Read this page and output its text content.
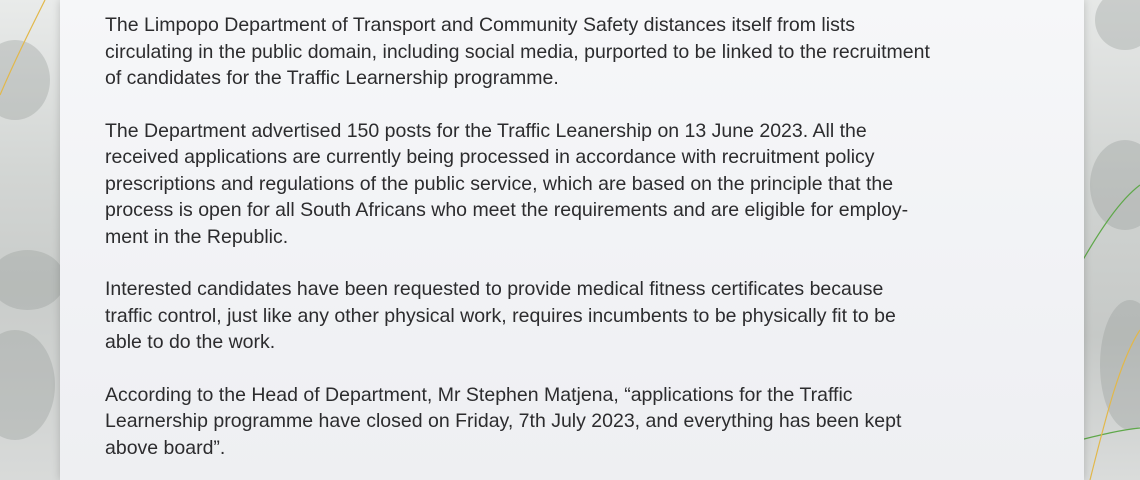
The Limpopo Department of Transport and Community Safety distances itself from lists
circulating in the public domain, including social media, purported to be linked to the recruitment
of candidates for the Traffic Learnership programme.

The Department advertised 150 posts for the Traffic Leanership on 13 June 2023. All the
received applications are currently being processed in accordance with recruitment policy
prescriptions and regulations of the public service, which are based on the principle that the
process is open for all South Africans who meet the requirements and are eligible for employ-
ment in the Republic.

Interested candidates have been requested to provide medical fitness certificates because
traffic control, just like any other physical work, requires incumbents to be physically fit to be
able to do the work.

According to the Head of Department, Mr Stephen Matjena, “applications for the Traffic
Learnership programme have closed on Friday, 7th July 2023, and everything has been kept
above board”.
